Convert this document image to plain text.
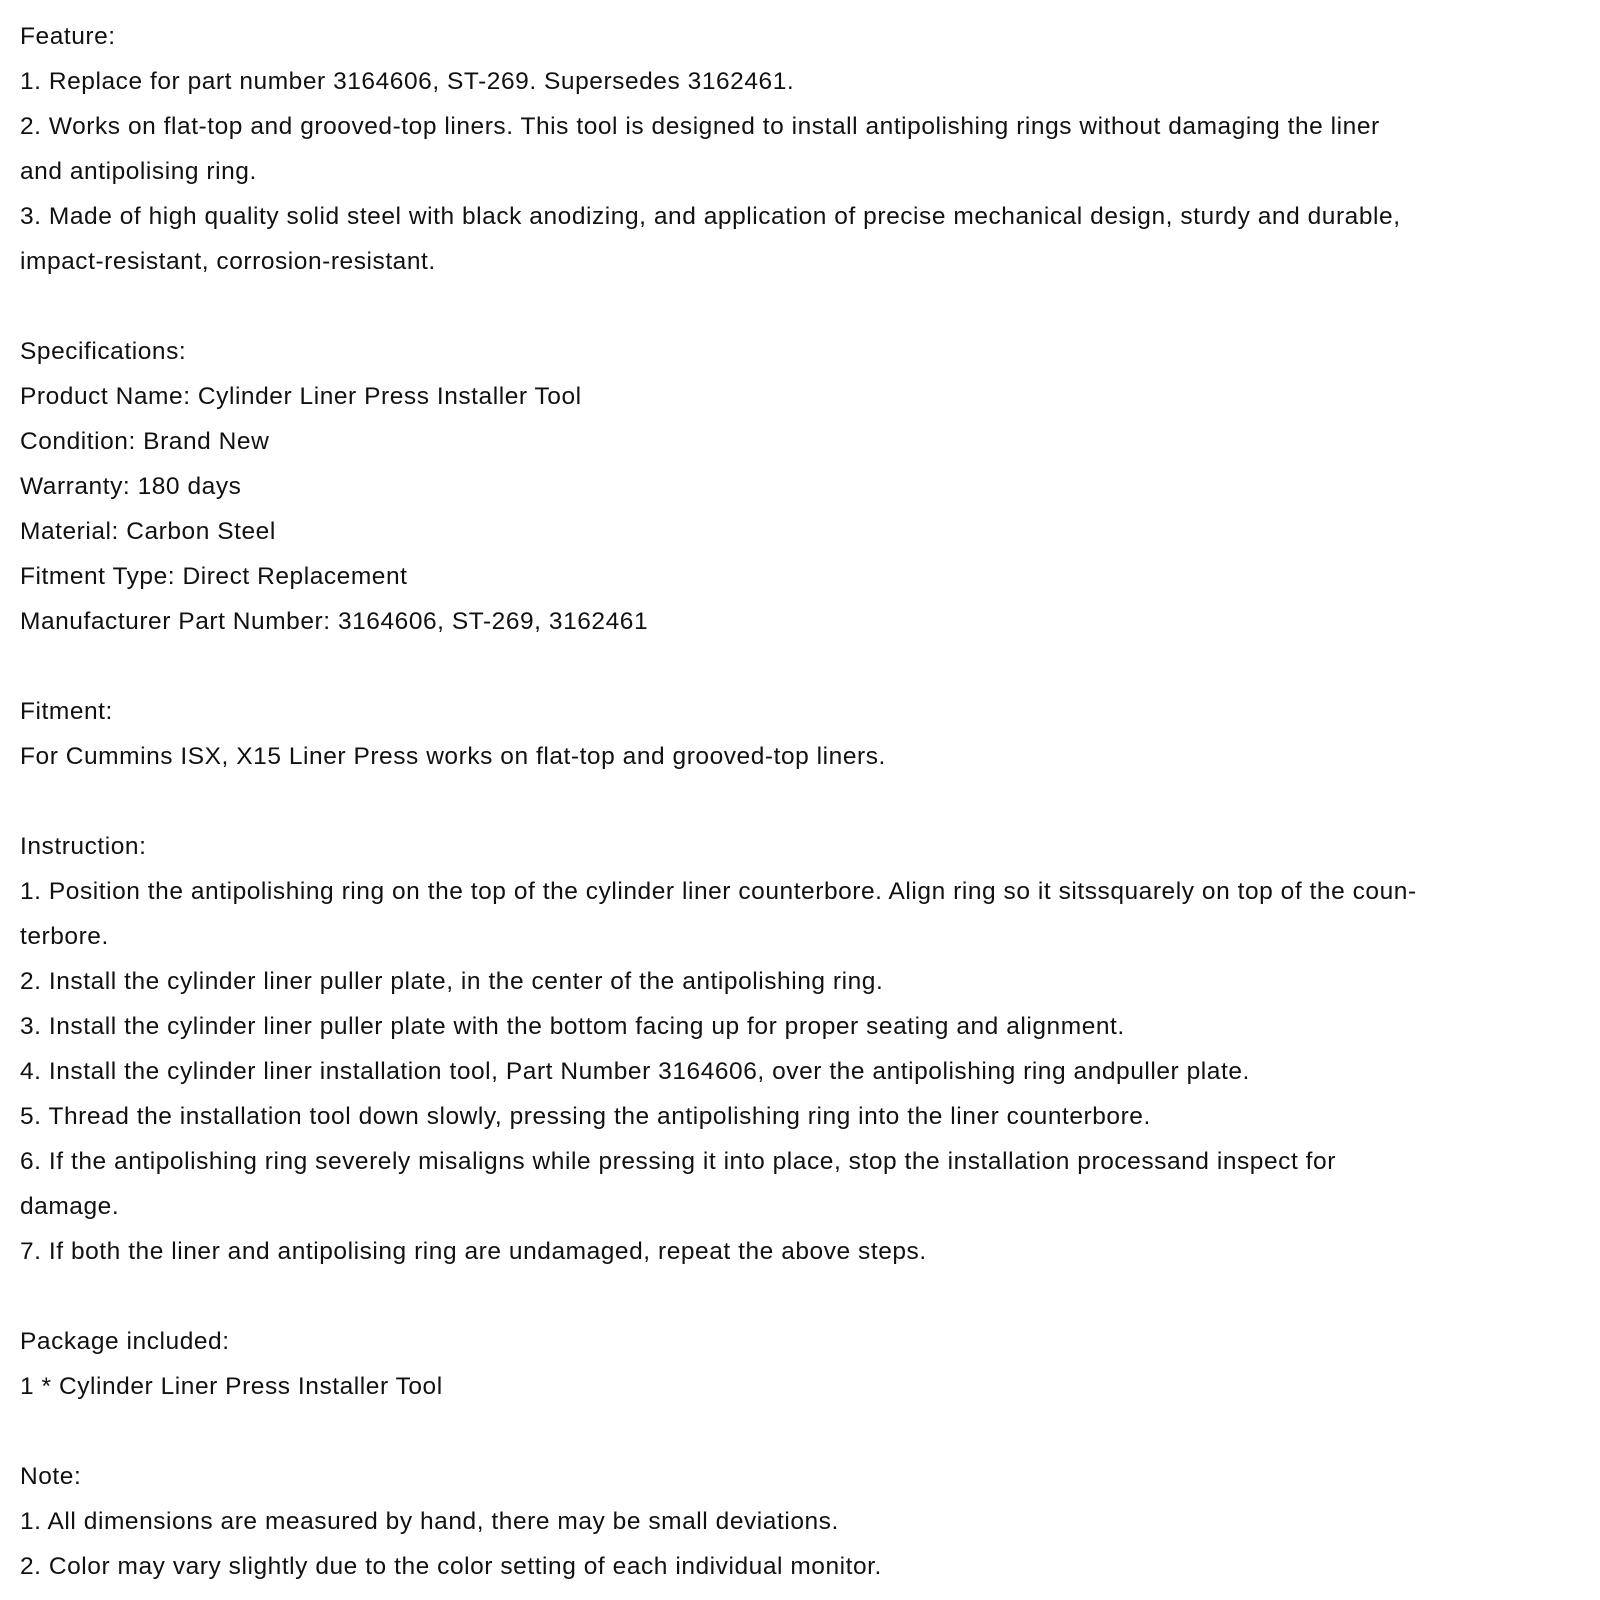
Feature:
1. Replace for part number 3164606, ST-269. Supersedes 3162461.
2. Works on flat-top and grooved-top liners. This tool is designed to install antipolishing rings without damaging the liner
and antipolising ring.
3. Made of high quality solid steel with black anodizing, and application of precise mechanical design, sturdy and durable,
impact-resistant, corrosion-resistant.
Specifications:
Product Name: Cylinder Liner Press Installer Tool
Condition: Brand New
Warranty: 180 days
Material: Carbon Steel
Fitment Type: Direct Replacement
Manufacturer Part Number: 3164606, ST-269, 3162461
Fitment:
For Cummins ISX, X15 Liner Press works on flat-top and grooved-top liners.
Instruction:
1. Position the antipolishing ring on the top of the cylinder liner counterbore. Align ring so it sitssquarely on top of the coun-
terbore.
2. Install the cylinder liner puller plate, in the center of the antipolishing ring.
3. Install the cylinder liner puller plate with the bottom facing up for proper seating and alignment.
4. Install the cylinder liner installation tool, Part Number 3164606, over the antipolishing ring andpuller plate.
5. Thread the installation tool down slowly, pressing the antipolishing ring into the liner counterbore.
6. If the antipolishing ring severely misaligns while pressing it into place, stop the installation processand inspect for
damage.
7. If both the liner and antipolising ring are undamaged, repeat the above steps.
Package included:
1 * Cylinder Liner Press Installer Tool
Note:
1. All dimensions are measured by hand, there may be small deviations.
2. Color may vary slightly due to the color setting of each individual monitor.
